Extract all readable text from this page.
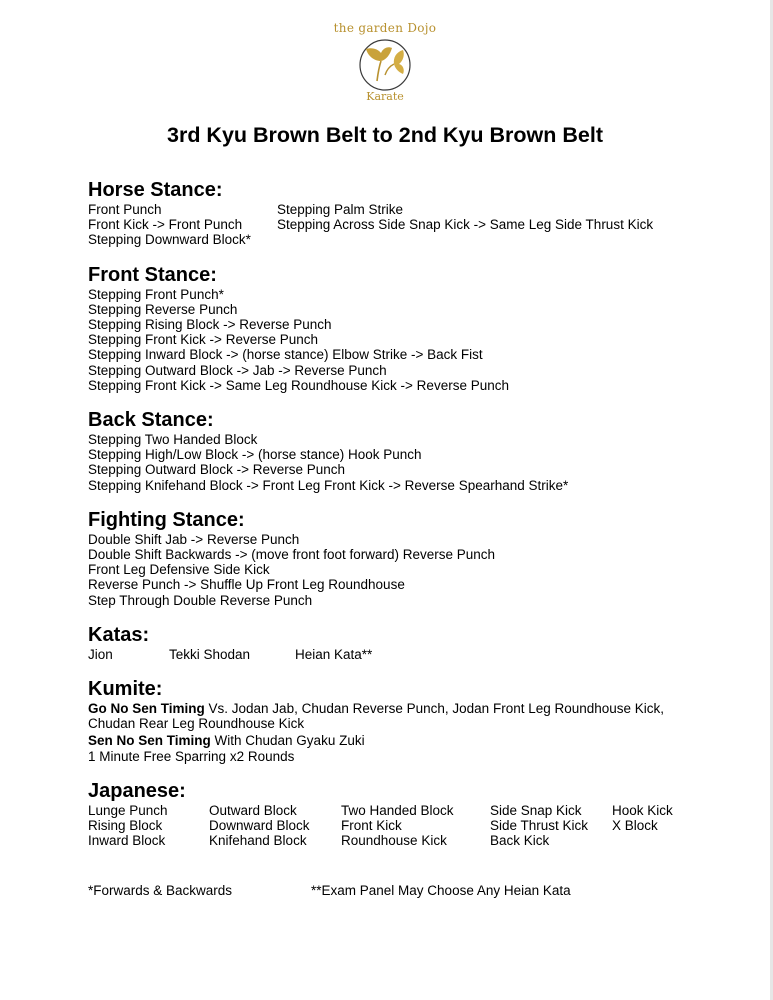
the garden Dojo
Karate
3rd Kyu Brown Belt to 2nd Kyu Brown Belt
Horse Stance:
Front Punch	Stepping Palm Strike
Front Kick -> Front Punch	Stepping Across Side Snap Kick -> Same Leg Side Thrust Kick
Stepping Downward Block*
Front Stance:
Stepping Front Punch*
Stepping Reverse Punch
Stepping Rising Block -> Reverse Punch
Stepping Front Kick -> Reverse Punch
Stepping Inward Block -> (horse stance) Elbow Strike -> Back Fist
Stepping Outward Block -> Jab -> Reverse Punch
Stepping Front Kick -> Same Leg Roundhouse Kick -> Reverse Punch
Back Stance:
Stepping Two Handed Block
Stepping High/Low Block -> (horse stance) Hook Punch
Stepping Outward Block -> Reverse Punch
Stepping Knifehand Block -> Front Leg Front Kick -> Reverse Spearhand Strike*
Fighting Stance:
Double Shift Jab -> Reverse Punch
Double Shift Backwards -> (move front foot forward) Reverse Punch
Front Leg Defensive Side Kick
Reverse Punch -> Shuffle Up Front Leg Roundhouse
Step Through Double Reverse Punch
Katas:
Jion	Tekki Shodan	Heian Kata**
Kumite:
Go No Sen Timing Vs. Jodan Jab, Chudan Reverse Punch, Jodan Front Leg Roundhouse Kick, Chudan Rear Leg Roundhouse Kick
Sen No Sen Timing With Chudan Gyaku Zuki
1 Minute Free Sparring x2 Rounds
Japanese:
Lunge Punch	Outward Block	Two Handed Block	Side Snap Kick	Hook Kick
Rising Block	Downward Block	Front Kick	Side Thrust Kick	X Block
Inward Block	Knifehand Block	Roundhouse Kick	Back Kick
*Forwards & Backwards	**Exam Panel May Choose Any Heian Kata
